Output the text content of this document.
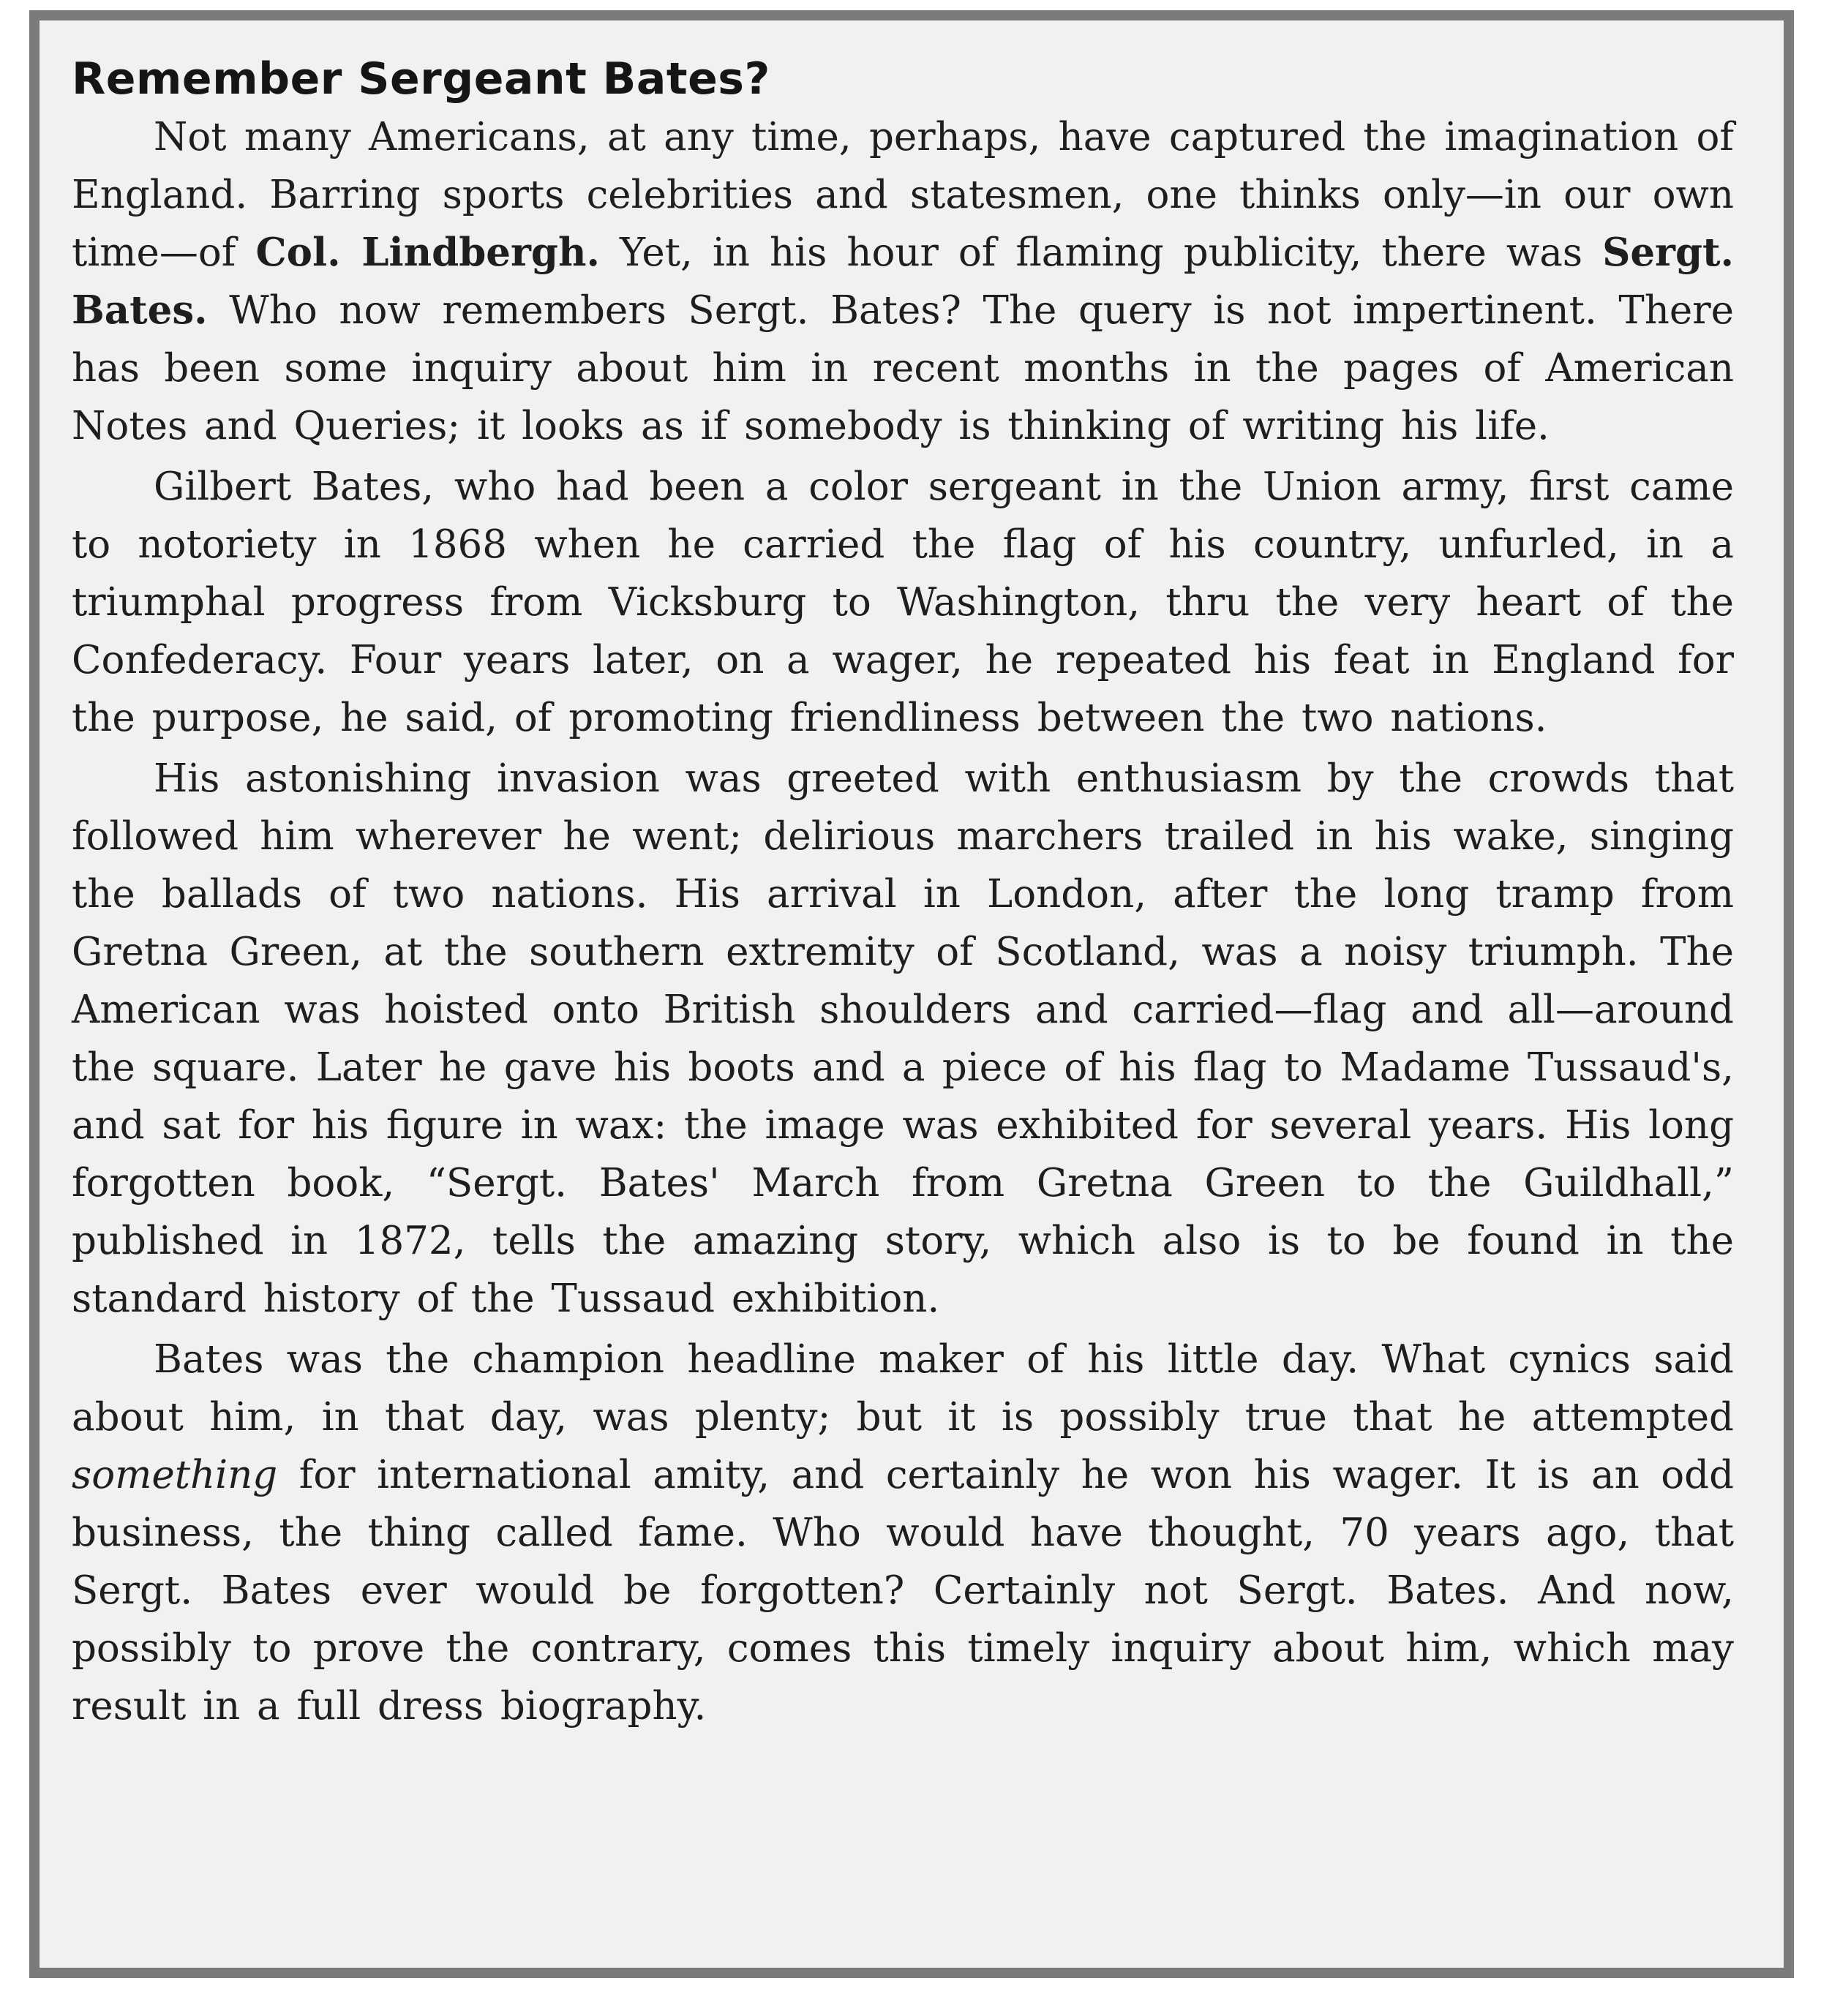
Remember Sergeant Bates?

Not many Americans, at any time, perhaps, have captured the imagination of England. Barring sports celebrities and statesmen, one thinks only—in our own time—of Col. Lindbergh. Yet, in his hour of flaming publicity, there was Sergt. Bates. Who now remembers Sergt. Bates? The query is not impertinent. There has been some inquiry about him in recent months in the pages of American Notes and Queries; it looks as if somebody is thinking of writing his life.

Gilbert Bates, who had been a color sergeant in the Union army, first came to notoriety in 1868 when he carried the flag of his country, unfurled, in a triumphal progress from Vicksburg to Washington, thru the very heart of the Confederacy. Four years later, on a wager, he repeated his feat in England for the purpose, he said, of promoting friendliness between the two nations.

His astonishing invasion was greeted with enthusiasm by the crowds that followed him wherever he went; delirious marchers trailed in his wake, singing the ballads of two nations. His arrival in London, after the long tramp from Gretna Green, at the southern extremity of Scotland, was a noisy triumph. The American was hoisted onto British shoulders and carried—flag and all—around the square. Later he gave his boots and a piece of his flag to Madame Tussaud's, and sat for his figure in wax: the image was exhibited for several years. His long forgotten book, “Sergt. Bates' March from Gretna Green to the Guildhall,” published in 1872, tells the amazing story, which also is to be found in the standard history of the Tussaud exhibition.

Bates was the champion headline maker of his little day. What cynics said about him, in that day, was plenty; but it is possibly true that he attempted something for international amity, and certainly he won his wager. It is an odd business, the thing called fame. Who would have thought, 70 years ago, that Sergt. Bates ever would be forgotten? Certainly not Sergt. Bates. And now, possibly to prove the contrary, comes this timely inquiry about him, which may result in a full dress biography.
